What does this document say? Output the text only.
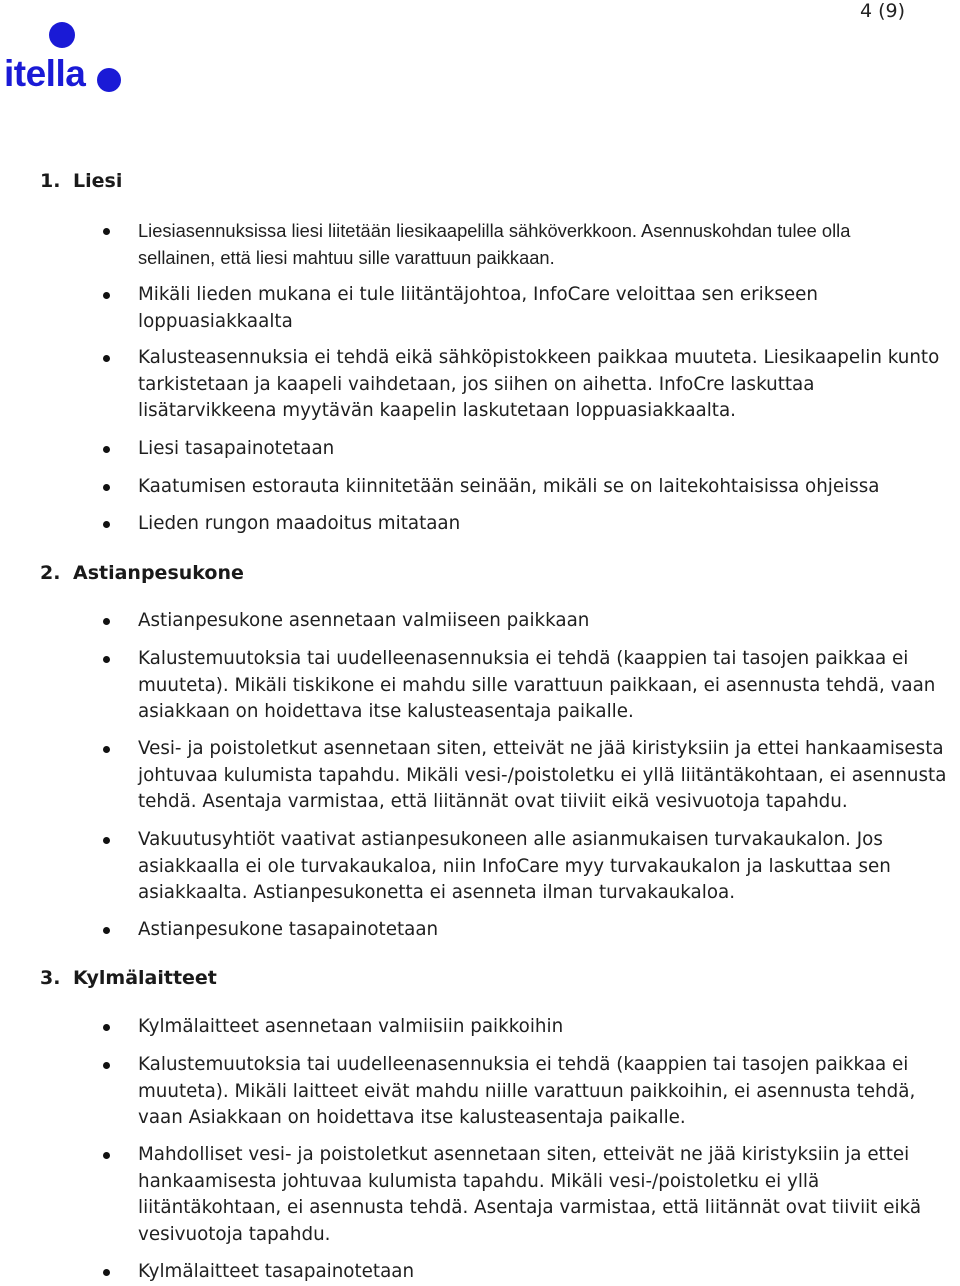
itella
4 (9)
1. Liesi
Liesiasennuksissa liesi liitetään liesikaapelilla sähköverkkoon. Asennuskohdan tulee olla
sellainen, että liesi mahtuu sille varattuun paikkaan.
Mikäli lieden mukana ei tule liitäntäjohtoa, InfoCare veloittaa sen erikseen
loppuasiakkaalta
Kalusteasennuksia ei tehdä eikä sähköpistokkeen paikkaa muuteta. Liesikaapelin kunto
tarkistetaan ja kaapeli vaihdetaan, jos siihen on aihetta. InfoCre laskuttaa
lisätarvikkeena myytävän kaapelin laskutetaan loppuasiakkaalta.
Liesi tasapainotetaan
Kaatumisen estorauta kiinnitetään seinään, mikäli se on laitekohtaisissa ohjeissa
Lieden rungon maadoitus mitataan
2. Astianpesukone
Astianpesukone asennetaan valmiiseen paikkaan
Kalustemuutoksia tai uudelleenasennuksia ei tehdä (kaappien tai tasojen paikkaa ei
muuteta). Mikäli tiskikone ei mahdu sille varattuun paikkaan, ei asennusta tehdä, vaan
asiakkaan on hoidettava itse kalusteasentaja paikalle.
Vesi- ja poistoletkut asennetaan siten, etteivät ne jää kiristyksiin ja ettei hankaamisesta
johtuvaa kulumista tapahdu. Mikäli vesi-/poistoletku ei yllä liitäntäkohtaan, ei asennusta
tehdä. Asentaja varmistaa, että liitännät ovat tiiviit eikä vesivuotoja tapahdu.
Vakuutusyhtiöt vaativat astianpesukoneen alle asianmukaisen turvakaukalon. Jos
asiakkaalla ei ole turvakaukaloa, niin InfoCare myy turvakaukalon ja laskuttaa sen
asiakkaalta. Astianpesukonetta ei asenneta ilman turvakaukaloa.
Astianpesukone tasapainotetaan
3. Kylmälaitteet
Kylmälaitteet asennetaan valmiisiin paikkoihin
Kalustemuutoksia tai uudelleenasennuksia ei tehdä (kaappien tai tasojen paikkaa ei
muuteta). Mikäli laitteet eivät mahdu niille varattuun paikkoihin, ei asennusta tehdä,
vaan Asiakkaan on hoidettava itse kalusteasentaja paikalle.
Mahdolliset vesi- ja poistoletkut asennetaan siten, etteivät ne jää kiristyksiin ja ettei
hankaamisesta johtuvaa kulumista tapahdu. Mikäli vesi-/poistoletku ei yllä
liitäntäkohtaan, ei asennusta tehdä. Asentaja varmistaa, että liitännät ovat tiiviit eikä
vesivuotoja tapahdu.
Kylmälaitteet tasapainotetaan
